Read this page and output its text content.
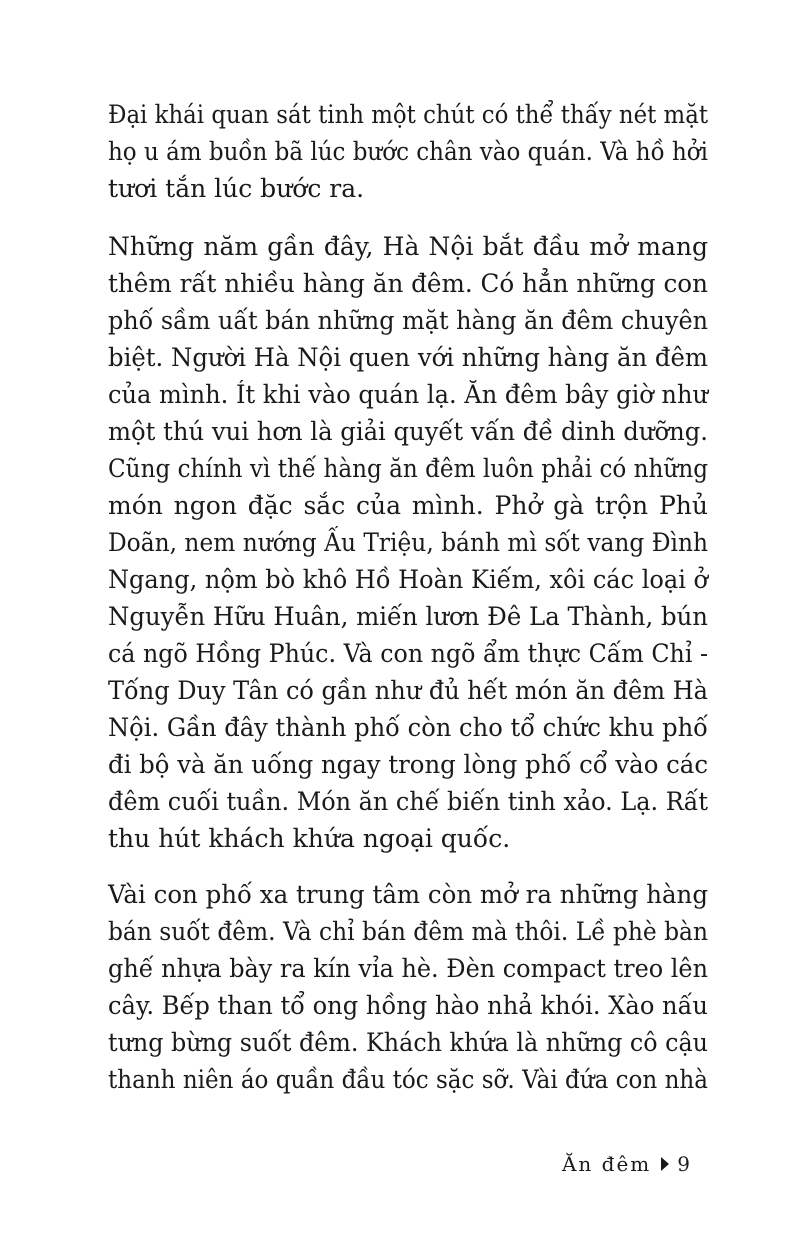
Đại khái quan sát tinh một chút có thể thấy nét mặt
họ u ám buồn bã lúc bước chân vào quán. Và hồ hởi
tươi tắn lúc bước ra.
Những năm gần đây, Hà Nội bắt đầu mở mang
thêm rất nhiều hàng ăn đêm. Có hẳn những con
phố sầm uất bán những mặt hàng ăn đêm chuyên
biệt. Người Hà Nội quen với những hàng ăn đêm
của mình. Ít khi vào quán lạ. Ăn đêm bây giờ như
một thú vui hơn là giải quyết vấn đề dinh dưỡng.
Cũng chính vì thế hàng ăn đêm luôn phải có những
món ngon đặc sắc của mình. Phở gà trộn Phủ
Doãn, nem nướng Ấu Triệu, bánh mì sốt vang Đình
Ngang, nộm bò khô Hồ Hoàn Kiếm, xôi các loại ở
Nguyễn Hữu Huân, miến lươn Đê La Thành, bún
cá ngõ Hồng Phúc. Và con ngõ ẩm thực Cấm Chỉ -
Tống Duy Tân có gần như đủ hết món ăn đêm Hà
Nội. Gần đây thành phố còn cho tổ chức khu phố
đi bộ và ăn uống ngay trong lòng phố cổ vào các
đêm cuối tuần. Món ăn chế biến tinh xảo. Lạ. Rất
thu hút khách khứa ngoại quốc.
Vài con phố xa trung tâm còn mở ra những hàng
bán suốt đêm. Và chỉ bán đêm mà thôi. Lề phè bàn
ghế nhựa bày ra kín vỉa hè. Đèn compact treo lên
cây. Bếp than tổ ong hồng hào nhả khói. Xào nấu
tưng bừng suốt đêm. Khách khứa là những cô cậu
thanh niên áo quần đầu tóc sặc sỡ. Vài đứa con nhà
Ăn đêm 9
